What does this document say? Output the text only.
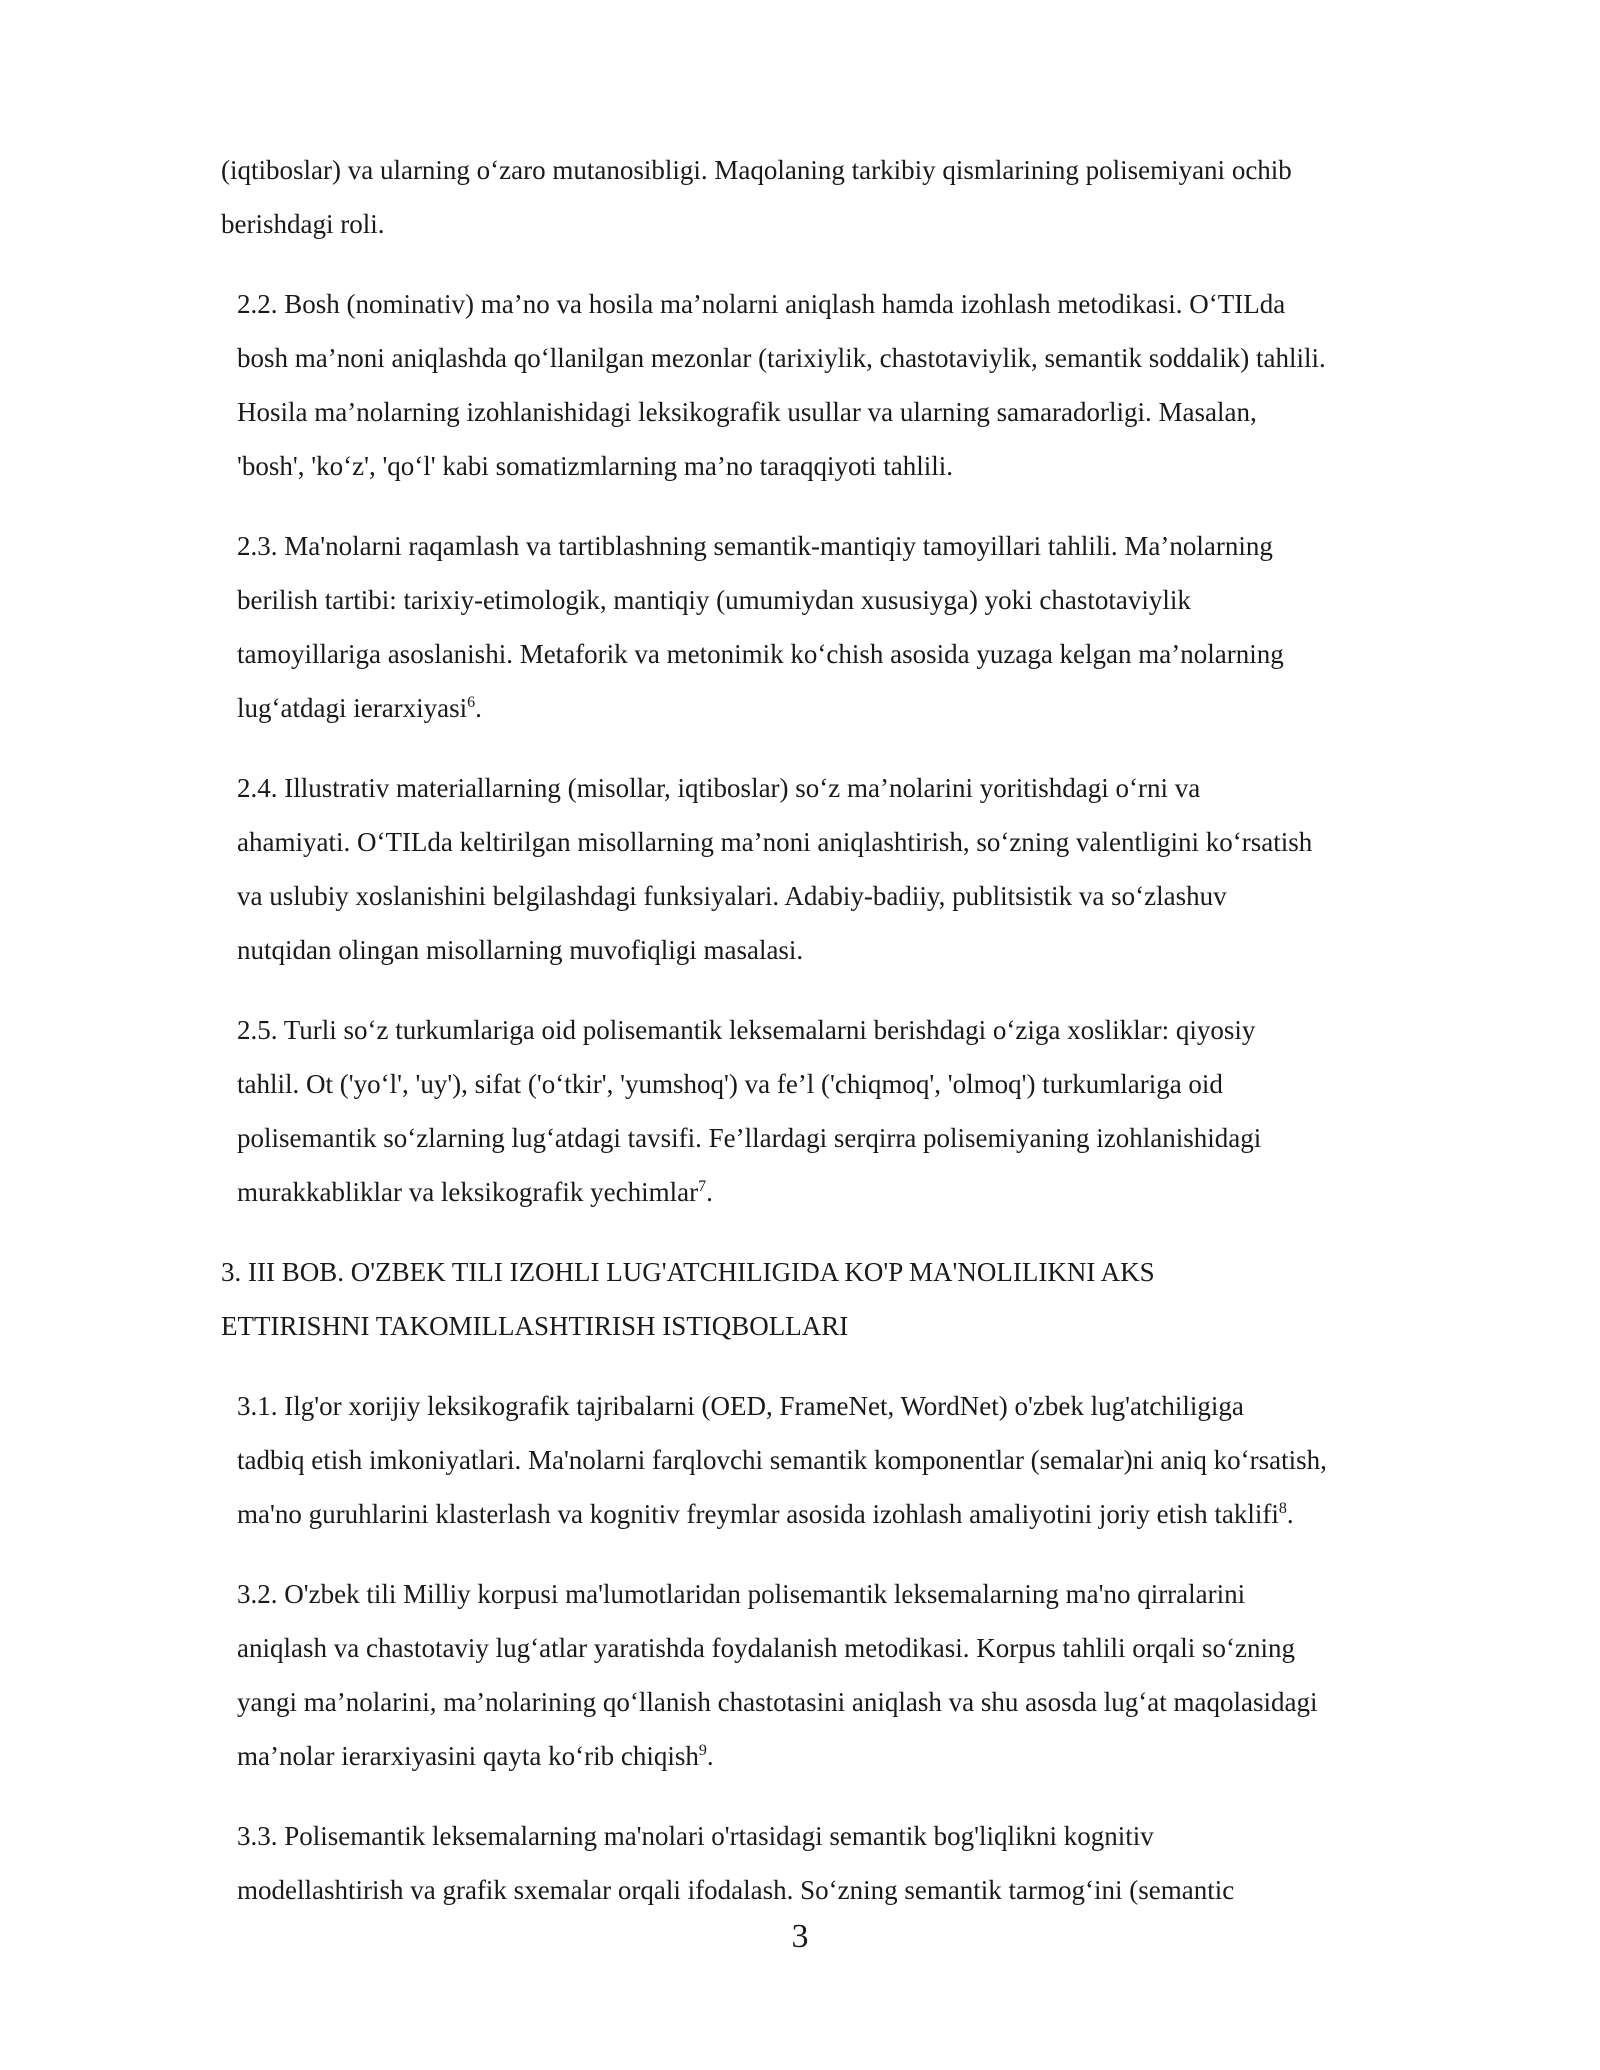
(iqtiboslar) va ularning o‘zaro mutanosibligi. Maqolaning tarkibiy qismlarining polisemiyani ochib
berishdagi roli.
2.2. Bosh (nominativ) ma’no va hosila ma’nolarni aniqlash hamda izohlash metodikasi. O‘TILda
bosh ma’noni aniqlashda qo‘llanilgan mezonlar (tarixiylik, chastotaviylik, semantik soddalik) tahlili.
Hosila ma’nolarning izohlanishidagi leksikografik usullar va ularning samaradorligi. Masalan,
'bosh', 'ko‘z', 'qo‘l' kabi somatizmlarning ma’no taraqqiyoti tahlili.
2.3. Ma'nolarni raqamlash va tartiblashning semantik-mantiqiy tamoyillari tahlili. Ma’nolarning
berilish tartibi: tarixiy-etimologik, mantiqiy (umumiydan xususiyga) yoki chastotaviylik
tamoyillariga asoslanishi. Metaforik va metonimik ko‘chish asosida yuzaga kelgan ma’nolarning
lug‘atdagi ierarxiyasi$^6$.
2.4. Illustrativ materiallarning (misollar, iqtiboslar) so‘z ma’nolarini yoritishdagi o‘rni va
ahamiyati. O‘TILda keltirilgan misollarning ma’noni aniqlashtirish, so‘zning valentligini ko‘rsatish
va uslubiy xoslanishini belgilashdagi funksiyalari. Adabiy-badiiy, publitsistik va so‘zlashuv
nutqidan olingan misollarning muvofiqligi masalasi.
2.5. Turli so‘z turkumlariga oid polisemantik leksemalarni berishdagi o‘ziga xosliklar: qiyosiy
tahlil. Ot ('yo‘l', 'uy'), sifat ('o‘tkir', 'yumshoq') va fe’l ('chiqmoq', 'olmoq') turkumlariga oid
polisemantik so‘zlarning lug‘atdagi tavsifi. Fe’llardagi serqirra polisemiyaning izohlanishidagi
murakkabliklar va leksikografik yechimlar$^7$.
3. III BOB. O'ZBEK TILI IZOHLI LUG'ATCHILIGIDA KO'P MA'NOLILIKNI AKS
ETTIRISHNI TAKOMILLASHTIRISH ISTIQBOLLARI
3.1. Ilg'or xorijiy leksikografik tajribalarni (OED, FrameNet, WordNet) o'zbek lug'atchiligiga
tadbiq etish imkoniyatlari. Ma'nolarni farqlovchi semantik komponentlar (semalar)ni aniq ko‘rsatish,
ma'no guruhlarini klasterlash va kognitiv freymlar asosida izohlash amaliyotini joriy etish taklifi$^8$.
3.2. O'zbek tili Milliy korpusi ma'lumotlaridan polisemantik leksemalarning ma'no qirralarini
aniqlash va chastotaviy lug‘atlar yaratishda foydalanish metodikasi. Korpus tahlili orqali so‘zning
yangi ma’nolarini, ma’nolarining qo‘llanish chastotasini aniqlash va shu asosda lug‘at maqolasidagi
ma’nolar ierarxiyasini qayta ko‘rib chiqish$^9$.
3.3. Polisemantik leksemalarning ma'nolari o'rtasidagi semantik bog'liqlikni kognitiv
modellashtirish va grafik sxemalar orqali ifodalash. So‘zning semantik tarmog‘ini (semantic
3
